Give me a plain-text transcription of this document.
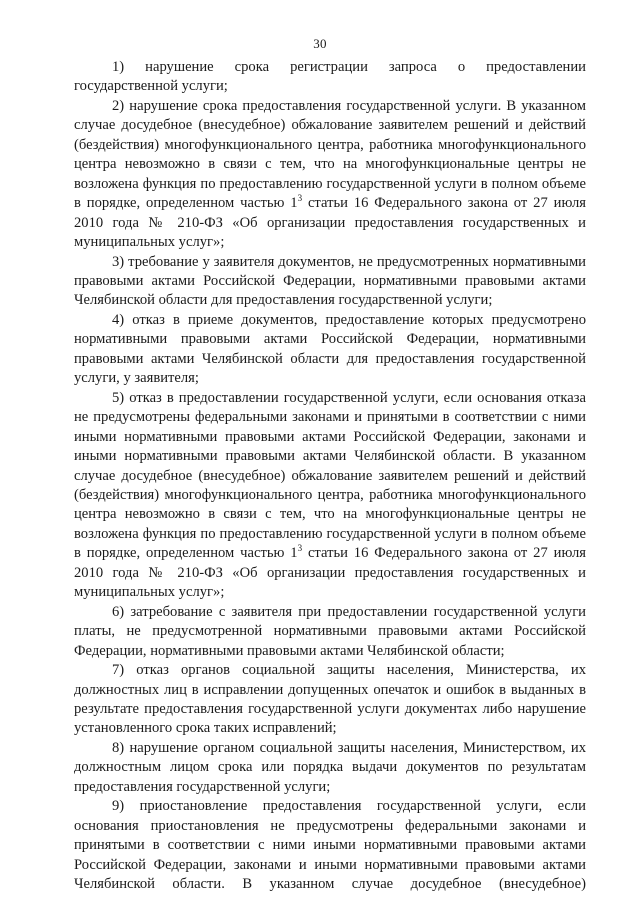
30

1) нарушение срока регистрации запроса о предоставлении государственной услуги;

2) нарушение срока предоставления государственной услуги. В указанном случае досудебное (внесудебное) обжалование заявителем решений и действий (бездействия) многофункционального центра, работника многофункционального центра невозможно в связи с тем, что на многофункциональные центры не возложена функция по предоставлению государственной услуги в полном объеме в порядке, определенном частью $1^3$ статьи 16 Федерального закона от 27 июля 2010 года № 210-ФЗ «Об организации предоставления государственных и муниципальных услуг»;

3) требование у заявителя документов, не предусмотренных нормативными правовыми актами Российской Федерации, нормативными правовыми актами Челябинской области для предоставления государственной услуги;

4) отказ в приеме документов, предоставление которых предусмотрено нормативными правовыми актами Российской Федерации, нормативными правовыми актами Челябинской области для предоставления государственной услуги, у заявителя;

5) отказ в предоставлении государственной услуги, если основания отказа не предусмотрены федеральными законами и принятыми в соответствии с ними иными нормативными правовыми актами Российской Федерации, законами и иными нормативными правовыми актами Челябинской области. В указанном случае досудебное (внесудебное) обжалование заявителем решений и действий (бездействия) многофункционального центра, работника многофункционального центра невозможно в связи с тем, что на многофункциональные центры не возложена функция по предоставлению государственной услуги в полном объеме в порядке, определенном частью $1^3$ статьи 16 Федерального закона от 27 июля 2010 года № 210-ФЗ «Об организации предоставления государственных и муниципальных услуг»;

6) затребование с заявителя при предоставлении государственной услуги платы, не предусмотренной нормативными правовыми актами Российской Федерации, нормативными правовыми актами Челябинской области;

7) отказ органов социальной защиты населения, Министерства, их должностных лиц в исправлении допущенных опечаток и ошибок в выданных в результате предоставления государственной услуги документах либо нарушение установленного срока таких исправлений;

8) нарушение органом социальной защиты населения, Министерством, их должностным лицом срока или порядка выдачи документов по результатам предоставления государственной услуги;

9) приостановление предоставления государственной услуги, если основания приостановления не предусмотрены федеральными законами и принятыми в соответствии с ними иными нормативными правовыми актами Российской Федерации, законами и иными нормативными правовыми актами Челябинской области. В указанном случае досудебное (внесудебное)
